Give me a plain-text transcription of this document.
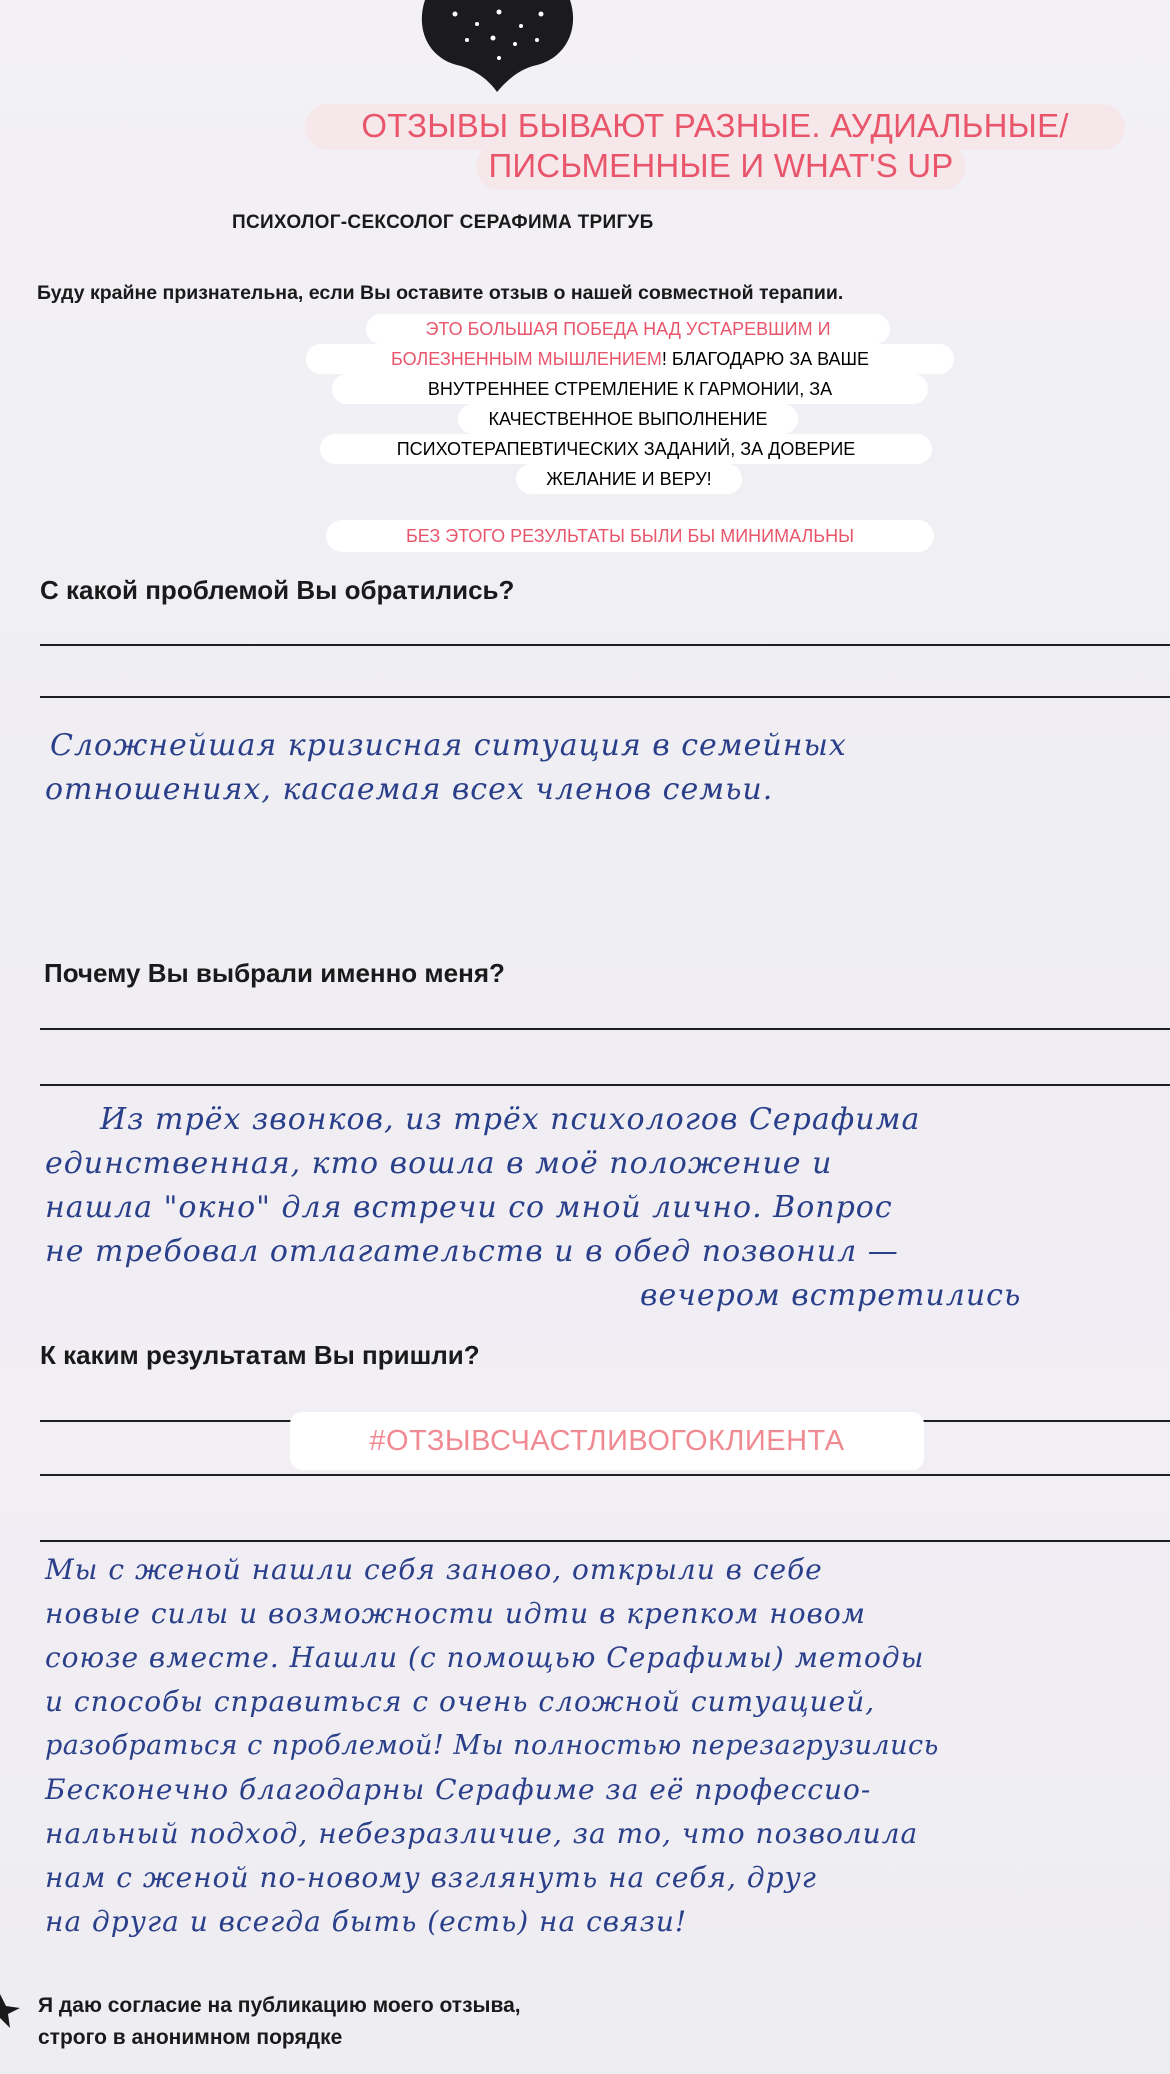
ОТЗЫВЫ БЫВАЮТ РАЗНЫЕ. АУДИАЛЬНЫЕ/
ПИСЬМЕННЫЕ И WHAT'S UP
ПСИХОЛОГ-СЕКСОЛОГ СЕРАФИМА ТРИГУБ
Буду крайне признательна, если Вы оставите отзыв о нашей совместной терапии.
ЭТО БОЛЬШАЯ ПОБЕДА НАД УСТАРЕВШИМ И
БОЛЕЗНЕННЫМ МЫШЛЕНИЕМ! БЛАГОДАРЮ ЗА ВАШЕ
ВНУТРЕННЕЕ СТРЕМЛЕНИЕ К ГАРМОНИИ, ЗА
КАЧЕСТВЕННОЕ ВЫПОЛНЕНИЕ
ПСИХОТЕРАПЕВТИЧЕСКИХ ЗАДАНИЙ, ЗА ДОВЕРИЕ
ЖЕЛАНИЕ И ВЕРУ!
БЕЗ ЭТОГО РЕЗУЛЬТАТЫ БЫЛИ БЫ МИНИМАЛЬНЫ
С какой проблемой Вы обратились?
Сложнейшая кризисная ситуация в семейных
отношениях, касаемая всех членов семьи.
Почему Вы выбрали именно меня?
Из трёх звонков, из трёх психологов Серафима
единственная, кто вошла в моё положение и
нашла "окно" для встречи со мной лично. Вопрос
не требовал отлагательств и в обед позвонил —
вечером встретились
К каким результатам Вы пришли?
#ОТЗЫВСЧАСТЛИВОГОКЛИЕНТА
Мы с женой нашли себя заново, открыли в себе
новые силы и возможности идти в крепком новом
союзе вместе. Нашли (с помощью Серафимы) методы
и способы справиться с очень сложной ситуацией,
разобраться с проблемой! Мы полностью перезагрузились
Бесконечно благодарны Серафиме за её профессио-
нальный подход, небезразличие, за то, что позволила
нам с женой по-новому взглянуть на себя, друг
на друга и всегда быть (есть) на связи!
Я даю согласие на публикацию моего отзыва,
строго в анонимном порядке
